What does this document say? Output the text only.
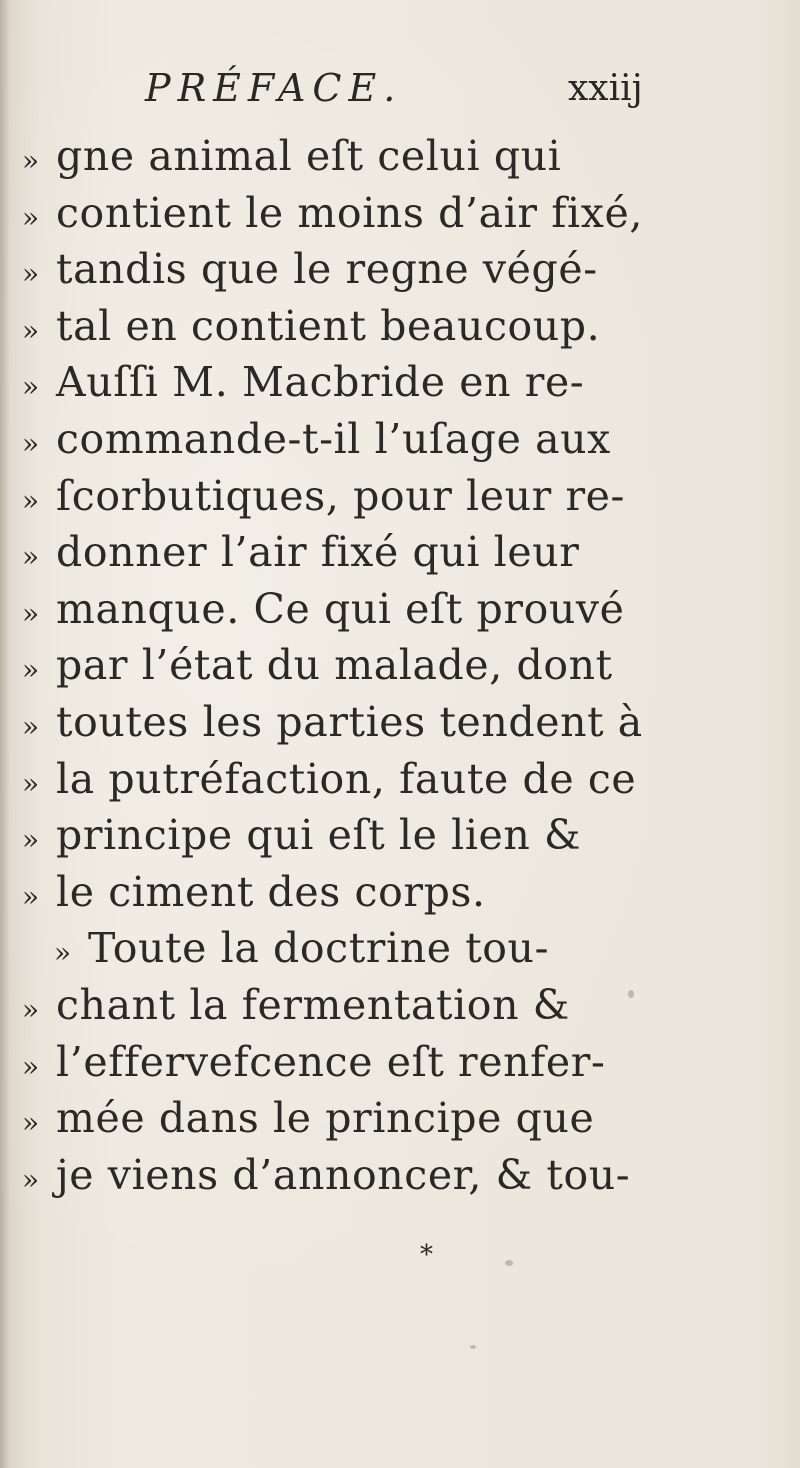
PRÉFACE.	xxiij
» gne animal eſt celui qui
» contient le moins d’air fixé,
» tandis que le regne végé-
» tal en contient beaucoup.
» Auſſi M. Macbride en re-
» commande-t-il l’uſage aux
» ſcorbutiques, pour leur re-
» donner l’air fixé qui leur
» manque. Ce qui eſt prouvé
» par l’état du malade, dont
» toutes les parties tendent à
» la putréfaction, faute de ce
» principe qui eſt le lien &
» le ciment des corps.
» Toute la doctrine tou-
» chant la fermentation &
» l’effervefcence eſt renfer-
» mée dans le principe que
» je viens d’annoncer, & tou-
*
